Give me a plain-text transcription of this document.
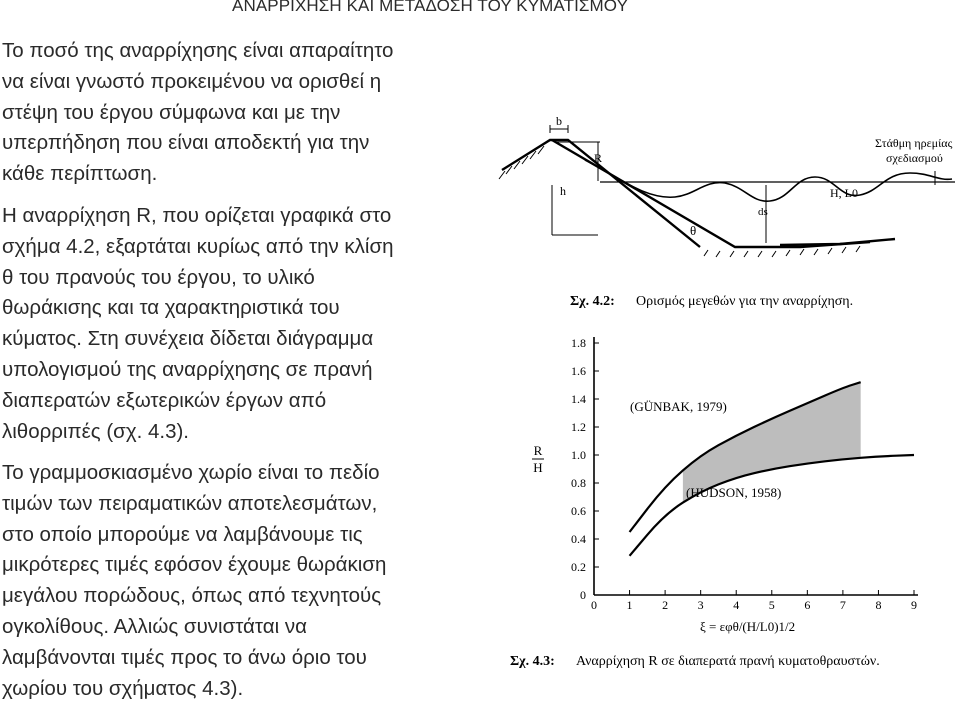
ΑΝΑΡΡΙΧΗΣΗ ΚΑΙ ΜΕΤΑΔΟΣΗ ΤΟΥ ΚΥΜΑΤΙΣΜΟΥ

Το ποσό της αναρρίχησης είναι απαραίτητο
να είναι γνωστό προκειμένου να ορισθεί η
στέψη του έργου σύμφωνα και με την
υπερπήδηση που είναι αποδεκτή για την
κάθε περίπτωση.

Η αναρρίχηση R, που ορίζεται γραφικά στο
σχήμα 4.2, εξαρτάται κυρίως από την κλίση
θ του πρανούς του έργου, το υλικό
θωράκισης και τα χαρακτηριστικά του
κύματος. Στη συνέχεια δίδεται διάγραμμα
υπολογισμού της αναρρίχησης σε πρανή
διαπερατών εξωτερικών έργων από
λιθορριπές (σχ. 4.3).

Το γραμμοσκιασμένο χωρίο είναι το πεδίο
τιμών των πειραματικών αποτελεσμάτων,
στο οποίο μπορούμε να λαμβάνουμε τις
μικρότερες τιμές εφόσον έχουμε θωράκιση
μεγάλου πορώδους, όπως από τεχνητούς
ογκολίθους. Αλλιώς συνιστάται να
λαμβάνονται τιμές προς το άνω όριο του
χωρίου του σχήματος 4.3).

b
R
h
ds
θ
H, L0
Στάθμη ηρεμίας
σχεδιασμού
Σχ. 4.2: Ορισμός μεγεθών για την αναρρίχηση.
0 1 2 3 4 5 6 7 8 9
0
0.2
0.4
0.6
0.8
1.0
1.2
1.4
1.6
1.8
(GÜNBAK, 1979)
(HUDSON, 1958)
R
H
ξ = εφθ/(H/L0)1/2
Σχ. 4.3: Αναρρίχηση R σε διαπερατά πρανή κυματοθραυστών.
